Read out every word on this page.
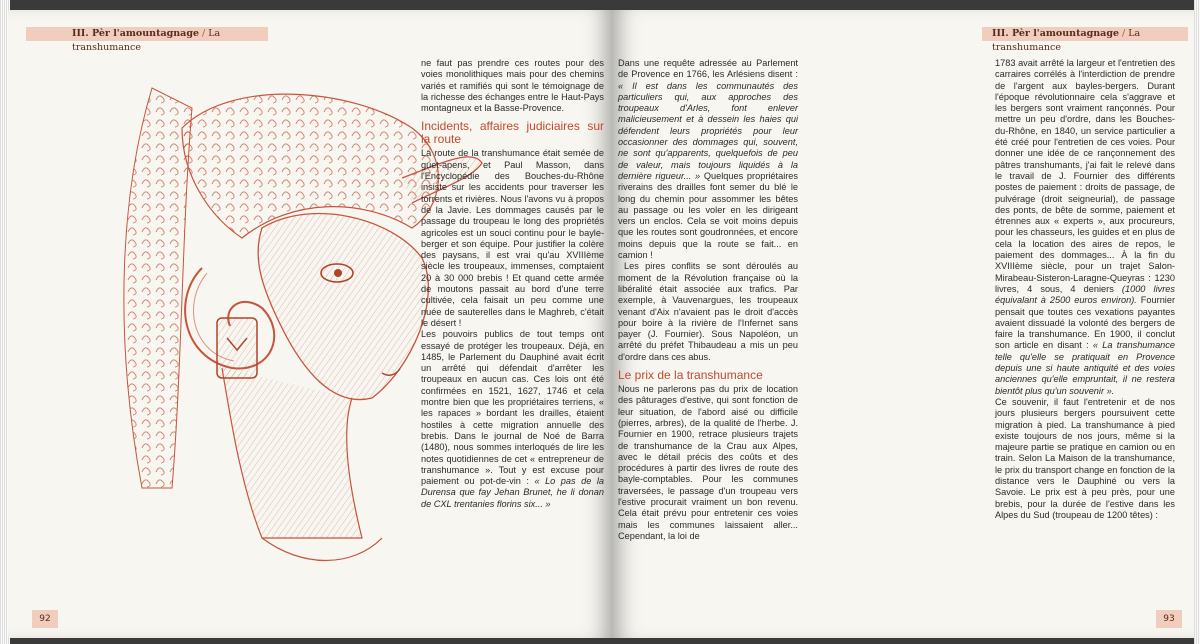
III. Pèr l'amountagnage / La transhumance

ne faut pas prendre ces routes pour des voies monolithiques mais pour des chemins variés et ramifiés qui sont le témoignage de la richesse des échanges entre le Haut-Pays montagneux et la Basse-Provence.

Incidents, affaires judiciaires sur la route

La route de la transhumance était semée de guet-apens, et Paul Masson, dans l'Encyclopédie des Bouches-du-Rhône insiste sur les accidents pour traverser les torrents et rivières. Nous l'avons vu à propos de la Javie. Les dommages causés par le passage du troupeau le long des propriétés agricoles est un souci continu pour le bayle-berger et son équipe. Pour justifier la colère des paysans, il est vrai qu'au XVIIIème siècle les troupeaux, immenses, comptaient 20 à 30 000 brebis ! Et quand cette armée de moutons passait au bord d'une terre cultivée, cela faisait un peu comme une nuée de sauterelles dans le Maghreb, c'était le désert !

Les pouvoirs publics de tout temps ont essayé de protéger les troupeaux. Déjà, en 1485, le Parlement du Dauphiné avait écrit un arrêté qui défendait d'arrêter les troupeaux en aucun cas. Ces lois ont été confirmées en 1521, 1627, 1746 et cela montre bien que les propriétaires terriens, « les rapaces » bordant les drailles, étaient hostiles à cette migration annuelle des brebis. Dans le journal de Noé de Barra (1480), nous sommes interloqués de lire les notes quotidiennes de cet « entrepreneur de transhumance ». Tout y est excuse pour paiement ou pot-de-vin : « Lo pas de la Durensa que fay Jehan Brunet, he li donan de CXL trentanies florins six... »

92
III. Pèr l'amountagnage / La transhumance

Dans une requête adressée au Parlement de Provence en 1766, les Arlésiens disent : « Il est dans les communautés des particuliers qui, aux approches des troupeaux d'Arles, font enlever malicieusement et à dessein les haies qui défendent leurs propriétés pour leur occasionner des dommages qui, souvent, ne sont qu'apparents, quelquefois de peu de valeur, mais toujours liquidés à la dernière rigueur... » Quelques propriétaires riverains des drailles font semer du blé le long du chemin pour assommer les bêtes au passage ou les voler en les dirigeant vers un enclos. Cela se voit moins depuis que les routes sont goudronnées, et encore moins depuis que la route se fait... en camion !

Les pires conflits se sont déroulés au moment de la Révolution française où la libéralité était associée aux trafics. Par exemple, à Vauvenargues, les troupeaux venant d'Aix n'avaient pas le droit d'accès pour boire à la rivière de l'Infernet sans payer (J. Fournier). Sous Napoléon, un arrêté du préfet Thibaudeau a mis un peu d'ordre dans ces abus.

Le prix de la transhumance

Nous ne parlerons pas du prix de location des pâturages d'estive, qui sont fonction de leur situation, de l'abord aisé ou difficile (pierres, arbres), de la qualité de l'herbe. J. Fournier en 1900, retrace plusieurs trajets de transhumance de la Crau aux Alpes, avec le détail précis des coûts et des procédures à partir des livres de route des bayle-comptables. Pour les communes traversées, le passage d'un troupeau vers l'estive procurait vraiment un bon revenu. Cela était prévu pour entretenir ces voies mais les communes laissaient aller... Cependant, la loi de

1783 avait arrêté la largeur et l'entretien des carraires corrélés à l'interdiction de prendre de l'argent aux bayles-bergers. Durant l'époque révolutionnaire cela s'aggrave et les bergers sont vraiment rançonnés. Pour mettre un peu d'ordre, dans les Bouches-du-Rhône, en 1840, un service particulier a été créé pour l'entretien de ces voies. Pour donner une idée de ce rançonnement des pâtres transhumants, j'ai fait le relevé dans le travail de J. Fournier des différents postes de paiement : droits de passage, de pulvérage (droit seigneurial), de passage des ponts, de bête de somme, paiement et étrennes aux « experts », aux procureurs, pour les chasseurs, les guides et en plus de cela la location des aires de repos, le paiement des dommages... À la fin du XVIIIème siècle, pour un trajet Salon-Mirabeau-Sisteron-Laragne-Queyras : 1230 livres, 4 sous, 4 deniers (1000 livres équivalant à 2500 euros environ). Fournier pensait que toutes ces vexations payantes avaient dissuadé la volonté des bergers de faire la transhumance. En 1900, il conclut son article en disant : « La transhumance telle qu'elle se pratiquait en Provence depuis une si haute antiquité et des voies anciennes qu'elle empruntait, il ne restera bientôt plus qu'un souvenir ».

Ce souvenir, il faut l'entretenir et de nos jours plusieurs bergers poursuivent cette migration à pied. La transhumance à pied existe toujours de nos jours, même si la majeure partie se pratique en camion ou en train. Selon La Maison de la transhumance, le prix du transport change en fonction de la distance vers le Dauphiné ou vers la Savoie. Le prix est à peu près, pour une brebis, pour la durée de l'estive dans les Alpes du Sud (troupeau de 1200 têtes) :

93
